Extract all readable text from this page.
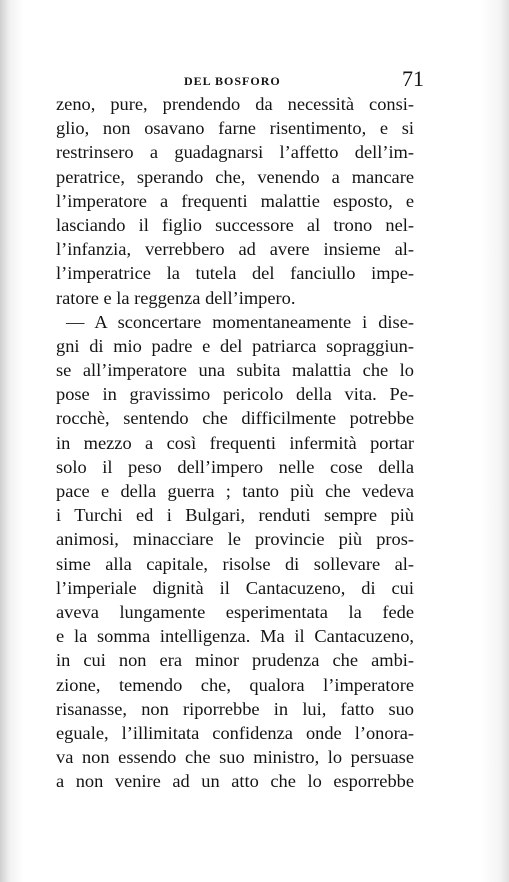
DEL BOSFORO	71
zeno, pure, prendendo da necessità consi-
glio, non osavano farne risentimento, e si
restrinsero a guadagnarsi l’affetto dell’im-
peratrice, sperando che, venendo a mancare
l’imperatore a frequenti malattie esposto, e
lasciando il figlio successore al trono nel-
l’infanzia, verrebbero ad avere insieme al-
l’imperatrice la tutela del fanciullo impe-
ratore e la reggenza dell’impero.
— A sconcertare momentaneamente i dise-
gni di mio padre e del patriarca sopraggiun-
se all’imperatore una subita malattia che lo
pose in gravissimo pericolo della vita. Pe-
rocchè, sentendo che difficilmente potrebbe
in mezzo a così frequenti infermità portar
solo il peso dell’impero nelle cose della
pace e della guerra ; tanto più che vedeva
i Turchi ed i Bulgari, renduti sempre più
animosi, minacciare le provincie più pros-
sime alla capitale, risolse di sollevare al-
l’imperiale dignità il Cantacuzeno, di cui
aveva lungamente esperimentata la fede
e la somma intelligenza. Ma il Cantacuzeno,
in cui non era minor prudenza che ambi-
zione, temendo che, qualora l’imperatore
risanasse, non riporrebbe in lui, fatto suo
eguale, l’illimitata confidenza onde l’onora-
va non essendo che suo ministro, lo persuase
a non venire ad un atto che lo esporrebbe
